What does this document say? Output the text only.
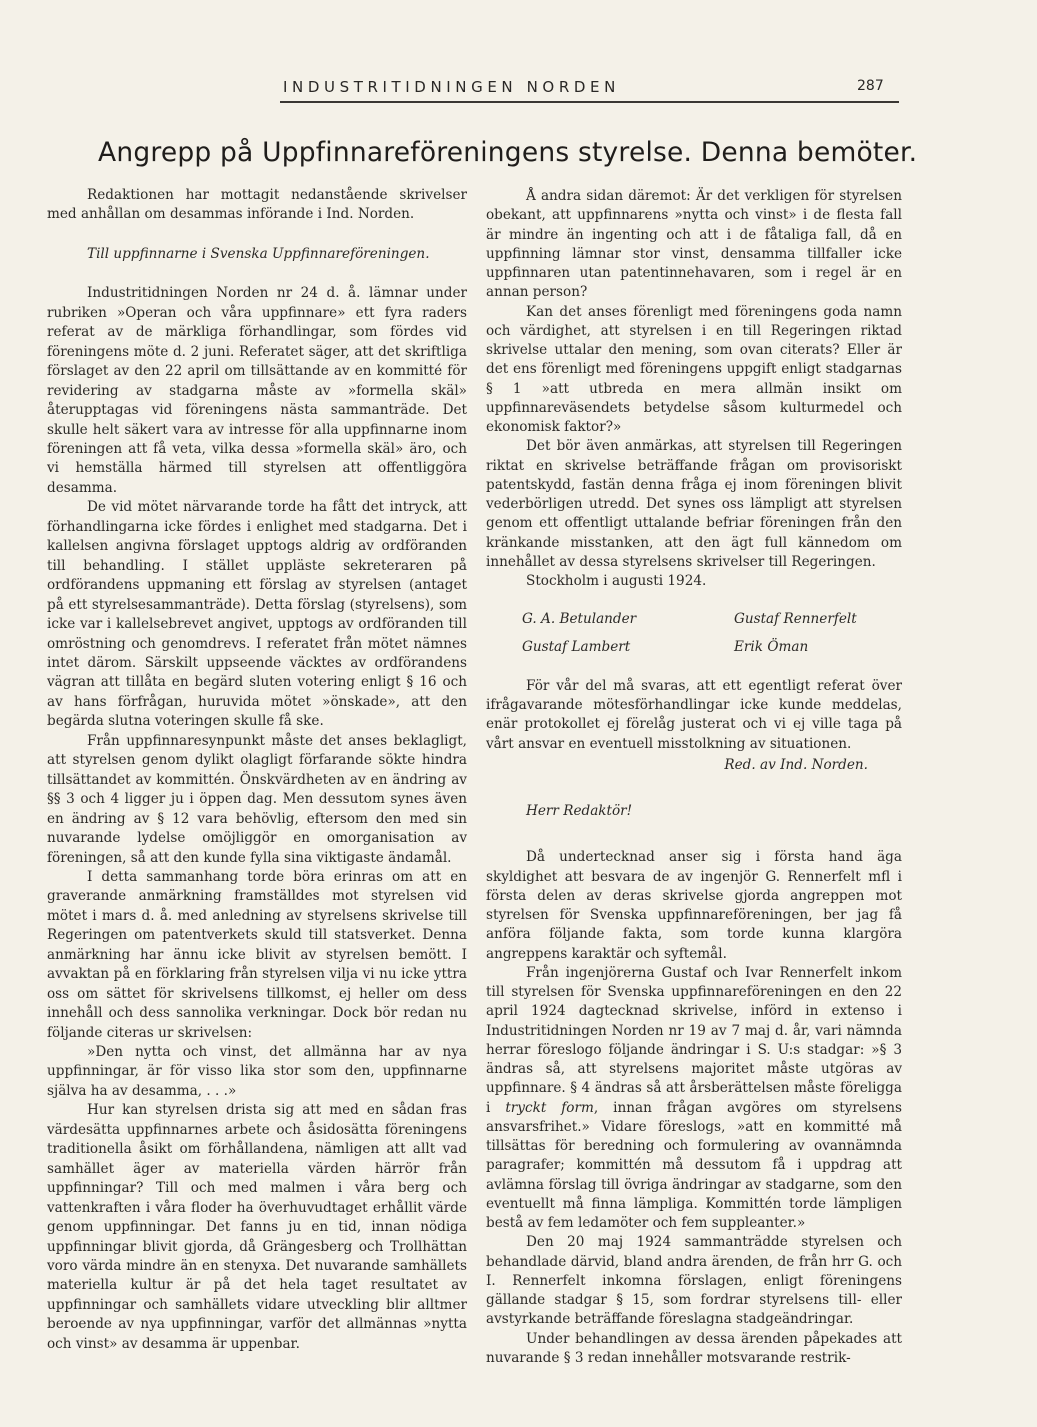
INDUSTRITIDNINGEN NORDEN	287
Angrepp på Uppfinnareföreningens styrelse. Denna bemöter.

Redaktionen har mottagit nedanstående skrivelser med anhållan om desammas införande i Ind. Norden.

Till uppfinnarne i Svenska Uppfinnareföreningen.

Industritidningen Norden nr 24 d. å. lämnar under rubriken »Operan och våra uppfinnare» ett fyra raders referat av de märkliga förhandlingar, som fördes vid föreningens möte d. 2 juni. Referatet säger, att det skriftliga förslaget av den 22 april om tillsättande av en kommitté för revidering av stadgarna måste av »formella skäl» återupptagas vid föreningens nästa sammanträde. Det skulle helt säkert vara av intresse för alla uppfinnarne inom föreningen att få veta, vilka dessa »formella skäl» äro, och vi hemställa härmed till styrelsen att offentliggöra desamma.

De vid mötet närvarande torde ha fått det intryck, att förhandlingarna icke fördes i enlighet med stadgarna. Det i kallelsen angivna förslaget upptogs aldrig av ordföranden till behandling. I stället uppläste sekreteraren på ordförandens uppmaning ett förslag av styrelsen (antaget på ett styrelsesammanträde). Detta förslag (styrelsens), som icke var i kallelsebrevet angivet, upptogs av ordföranden till omröstning och genomdrevs. I referatet från mötet nämnes intet därom. Särskilt uppseende väcktes av ordförandens vägran att tillåta en begärd sluten votering enligt § 16 och av hans förfrågan, huruvida mötet »önskade», att den begärda slutna voteringen skulle få ske.

Från uppfinnaresynpunkt måste det anses beklagligt, att styrelsen genom dylikt olagligt förfarande sökte hindra tillsättandet av kommittén. Önskvärdheten av en ändring av §§ 3 och 4 ligger ju i öppen dag. Men dessutom synes även en ändring av § 12 vara behövlig, eftersom den med sin nuvarande lydelse omöjliggör en omorganisation av föreningen, så att den kunde fylla sina viktigaste ändamål.

I detta sammanhang torde böra erinras om att en graverande anmärkning framställdes mot styrelsen vid mötet i mars d. å. med anledning av styrelsens skrivelse till Regeringen om patentverkets skuld till statsverket. Denna anmärkning har ännu icke blivit av styrelsen bemött. I avvaktan på en förklaring från styrelsen vilja vi nu icke yttra oss om sättet för skrivelsens tillkomst, ej heller om dess innehåll och dess sannolika verkningar. Dock bör redan nu följande citeras ur skrivelsen:

»Den nytta och vinst, det allmänna har av nya uppfinningar, är för visso lika stor som den, uppfinnarne själva ha av desamma, . . .»

Hur kan styrelsen drista sig att med en sådan fras värdesätta uppfinnarnes arbete och åsidosätta föreningens traditionella åsikt om förhållandena, nämligen att allt vad samhället äger av materiella värden härrör från uppfinningar? Till och med malmen i våra berg och vattenkraften i våra floder ha överhuvudtaget erhållit värde genom uppfinningar. Det fanns ju en tid, innan nödiga uppfinningar blivit gjorda, då Grängesberg och Trollhättan voro värda mindre än en stenyxa. Det nuvarande samhällets materiella kultur är på det hela taget resultatet av uppfinningar och samhällets vidare utveckling blir alltmer beroende av nya uppfinningar, varför det allmännas »nytta och vinst» av desamma är uppenbar.

Å andra sidan däremot: Är det verkligen för styrelsen obekant, att uppfinnarens »nytta och vinst» i de flesta fall är mindre än ingenting och att i de fåtaliga fall, då en uppfinning lämnar stor vinst, densamma tillfaller icke uppfinnaren utan patentinnehavaren, som i regel är en annan person?

Kan det anses förenligt med föreningens goda namn och värdighet, att styrelsen i en till Regeringen riktad skrivelse uttalar den mening, som ovan citerats? Eller är det ens förenligt med föreningens uppgift enligt stadgarnas § 1 »att utbreda en mera allmän insikt om uppfinnareväsendets betydelse såsom kulturmedel och ekonomisk faktor?»

Det bör även anmärkas, att styrelsen till Regeringen riktat en skrivelse beträffande frågan om provisoriskt patentskydd, fastän denna fråga ej inom föreningen blivit vederbörligen utredd. Det synes oss lämpligt att styrelsen genom ett offentligt uttalande befriar föreningen från den kränkande misstanken, att den ägt full kännedom om innehållet av dessa styrelsens skrivelser till Regeringen.

Stockholm i augusti 1924.

G. A. Betulander	Gustaf Rennerfelt
Gustaf Lambert	Erik Öman

För vår del må svaras, att ett egentligt referat över ifrågavarande mötesförhandlingar icke kunde meddelas, enär protokollet ej förelåg justerat och vi ej ville taga på vårt ansvar en eventuell misstolkning av situationen.

Red. av Ind. Norden.

Herr Redaktör!

Då undertecknad anser sig i första hand äga skyldighet att besvara de av ingenjör G. Rennerfelt mfl i första delen av deras skrivelse gjorda angreppen mot styrelsen för Svenska uppfinnareföreningen, ber jag få anföra följande fakta, som torde kunna klargöra angreppens karaktär och syftemål.

Från ingenjörerna Gustaf och Ivar Rennerfelt inkom till styrelsen för Svenska uppfinnareföreningen en den 22 april 1924 dagtecknad skrivelse, införd in extenso i Industritidningen Norden nr 19 av 7 maj d. år, vari nämnda herrar föreslogo följande ändringar i S. U:s stadgar: »§ 3 ändras så, att styrelsens majoritet måste utgöras av uppfinnare. § 4 ändras så att årsberättelsen måste föreligga i tryckt form, innan frågan avgöres om styrelsens ansvarsfrihet.» Vidare föreslogs, »att en kommitté må tillsättas för beredning och formulering av ovannämnda paragrafer; kommittén må dessutom få i uppdrag att avlämna förslag till övriga ändringar av stadgarne, som den eventuellt må finna lämpliga. Kommittén torde lämpligen bestå av fem ledamöter och fem suppleanter.»

Den 20 maj 1924 sammanträdde styrelsen och behandlade därvid, bland andra ärenden, de från hrr G. och I. Rennerfelt inkomna förslagen, enligt föreningens gällande stadgar § 15, som fordrar styrelsens till- eller avstyrkande beträffande föreslagna stadgeändringar.

Under behandlingen av dessa ärenden påpekades att nuvarande § 3 redan innehåller motsvarande restrik-
